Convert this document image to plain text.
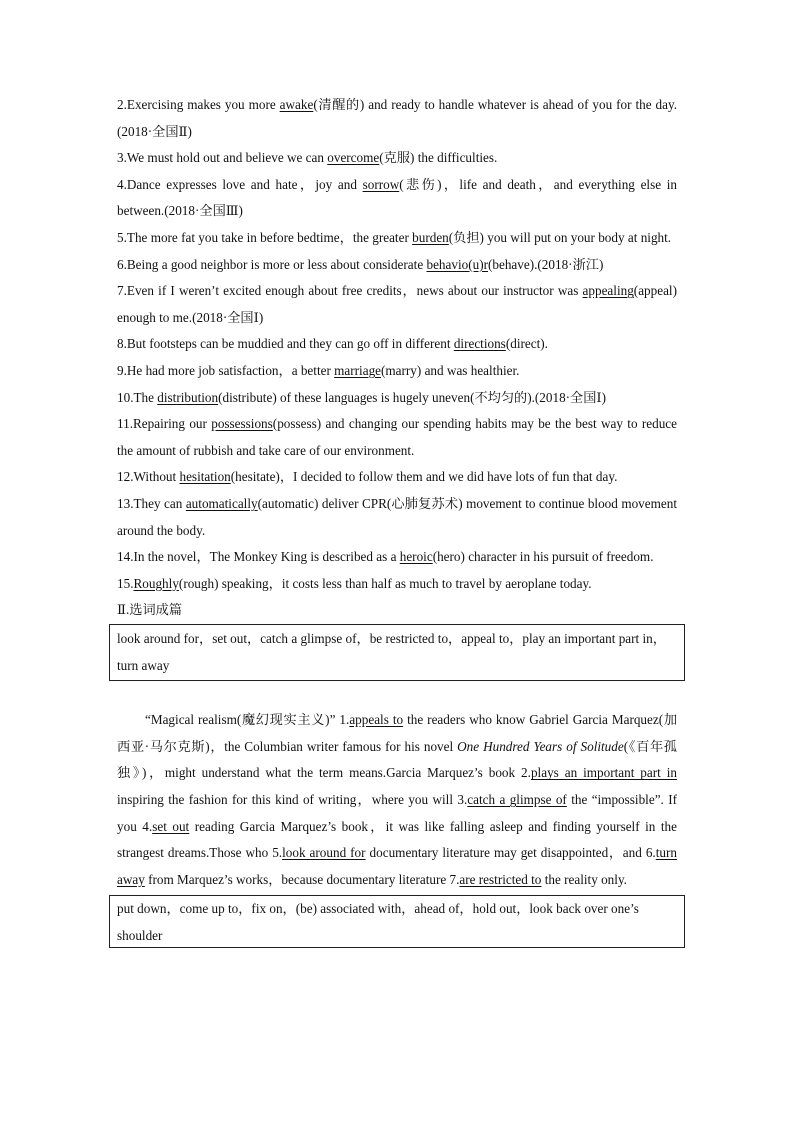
2.Exercising makes you more awake(清醒的) and ready to handle whatever is ahead of you for the day.(2018·全国Ⅱ)
3.We must hold out and believe we can overcome(克服) the difficulties.
4.Dance expresses love and hate，joy and sorrow(悲伤)，life and death，and everything else in between.(2018·全国Ⅲ)
5.The more fat you take in before bedtime，the greater burden(负担) you will put on your body at night.
6.Being a good neighbor is more or less about considerate behavio(u)r(behave).(2018·浙江)
7.Even if I weren’t excited enough about free credits，news about our instructor was appealing(appeal) enough to me.(2018·全国Ⅰ)
8.But footsteps can be muddied and they can go off in different directions(direct).
9.He had more job satisfaction，a better marriage(marry) and was healthier.
10.The distribution(distribute) of these languages is hugely uneven(不均匀的).(2018·全国Ⅰ)
11.Repairing our possessions(possess) and changing our spending habits may be the best way to reduce the amount of rubbish and take care of our environment.
12.Without hesitation(hesitate)，I decided to follow them and we did have lots of fun that day.
13.They can automatically(automatic) deliver CPR(心肺复苏术) movement to continue blood movement around the body.
14.In the novel，The Monkey King is described as a heroic(hero) character in his pursuit of freedom.
15.Roughly(rough) speaking，it costs less than half as much to travel by aeroplane today.
Ⅱ.选词成篇
look around for，set out，catch a glimpse of，be restricted to，appeal to，play an important part in，turn away
“Magical realism(魔幻现实主义)” 1.appeals to the readers who know Gabriel Garcia Marquez(加西亚·马尔克斯)，the Columbian writer famous for his novel One Hundred Years of Solitude(《百年孤独》)，might understand what the term means.Garcia Marquez’s book 2.plays an important part in inspiring the fashion for this kind of writing，where you will 3.catch a glimpse of the “impossible”. If you 4.set out reading Garcia Marquez’s book，it was like falling asleep and finding yourself in the strangest dreams.Those who 5.look around for documentary literature may get disappointed，and 6.turn away from Marquez’s works，because documentary literature 7.are restricted to the reality only.
put down，come up to，fix on，(be) associated with，ahead of，hold out，look back over one’s shoulder
